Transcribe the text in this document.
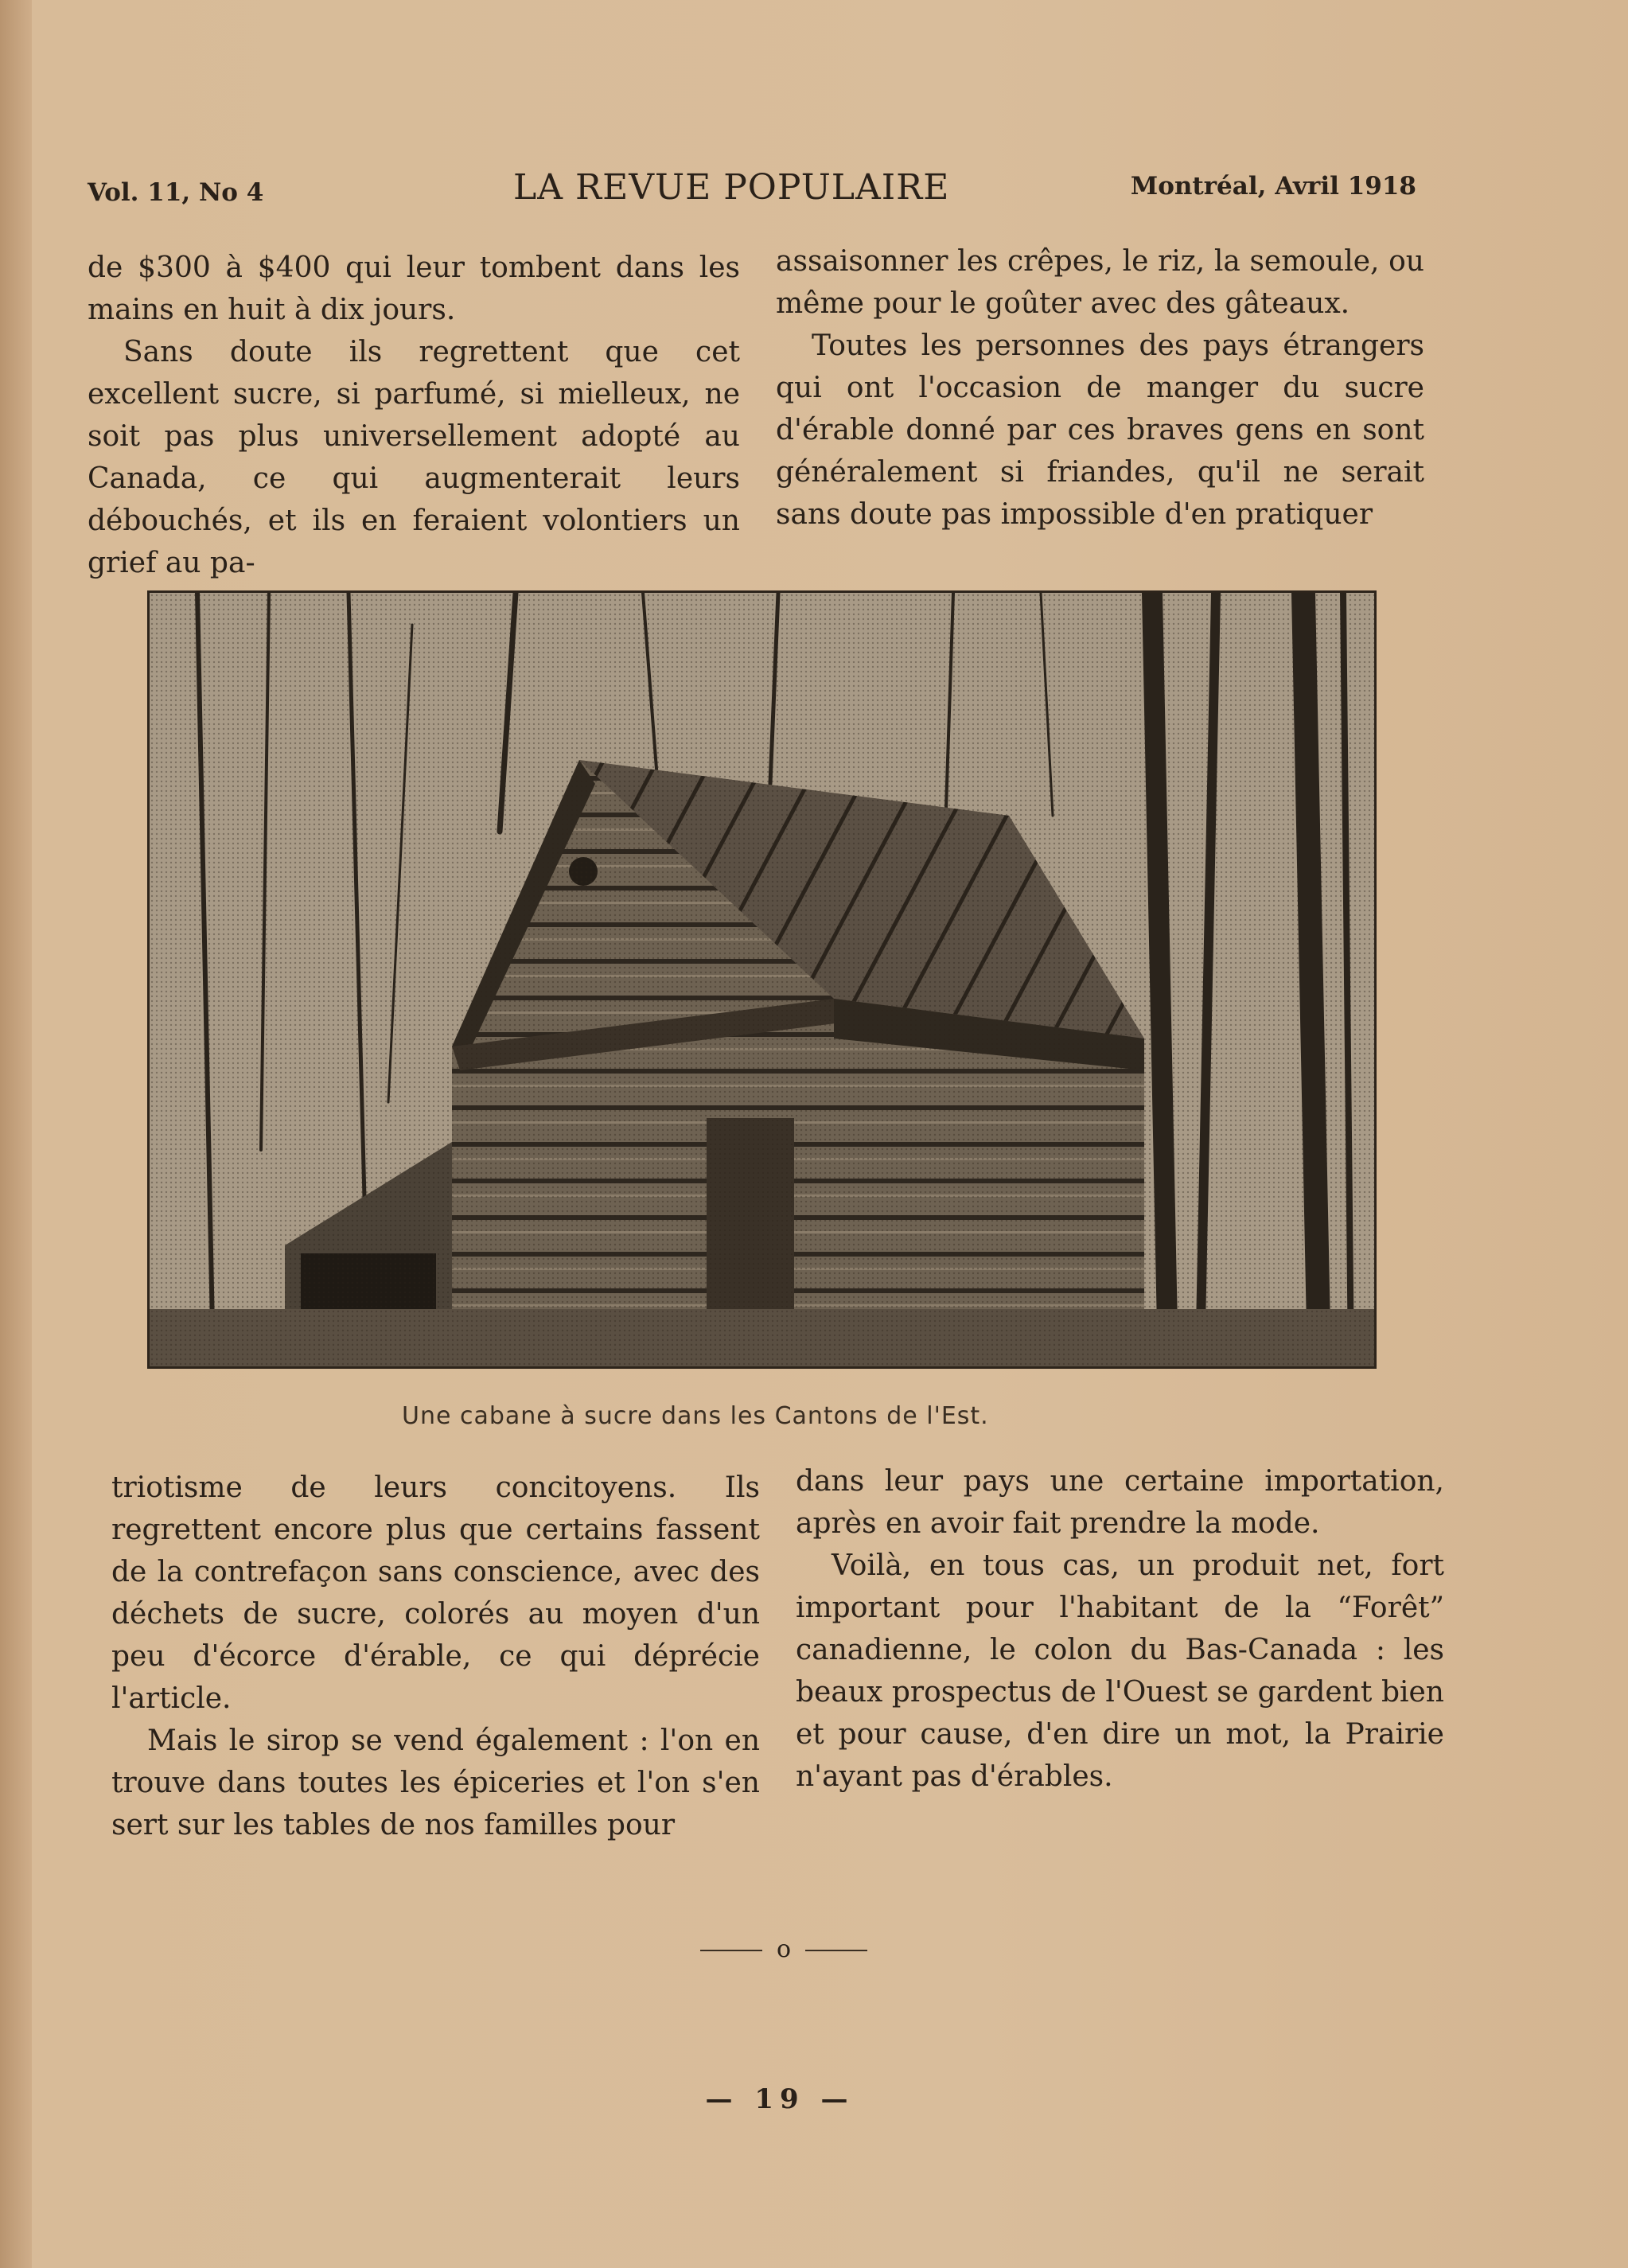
Vol. 11, No 4	LA REVUE POPULAIRE	Montréal, Avril 1918

de $300 à $400 qui leur tombent dans les mains en huit à dix jours.

Sans doute ils regrettent que cet excellent sucre, si parfumé, si mielleux, ne soit pas plus universellement adopté au Canada, ce qui augmenterait leurs débouchés, et ils en feraient volontiers un grief au pa-

assaisonner les crêpes, le riz, la semoule, ou même pour le goûter avec des gâteaux.

Toutes les personnes des pays étrangers qui ont l'occasion de manger du sucre d'érable donné par ces braves gens en sont généralement si friandes, qu'il ne serait sans doute pas impossible d'en pratiquer

Une cabane à sucre dans les Cantons de l'Est.

triotisme de leurs concitoyens. Ils regrettent encore plus que certains fassent de la contrefaçon sans conscience, avec des déchets de sucre, colorés au moyen d'un peu d'écorce d'érable, ce qui déprécie l'article.

Mais le sirop se vend également : l'on en trouve dans toutes les épiceries et l'on s'en sert sur les tables de nos familles pour

dans leur pays une certaine importation, après en avoir fait prendre la mode.

Voilà, en tous cas, un produit net, fort important pour l'habitant de la “Forêt” canadienne, le colon du Bas-Canada : les beaux prospectus de l'Ouest se gardent bien et pour cause, d'en dire un mot, la Prairie n'ayant pas d'érables.

o
— 19 —
